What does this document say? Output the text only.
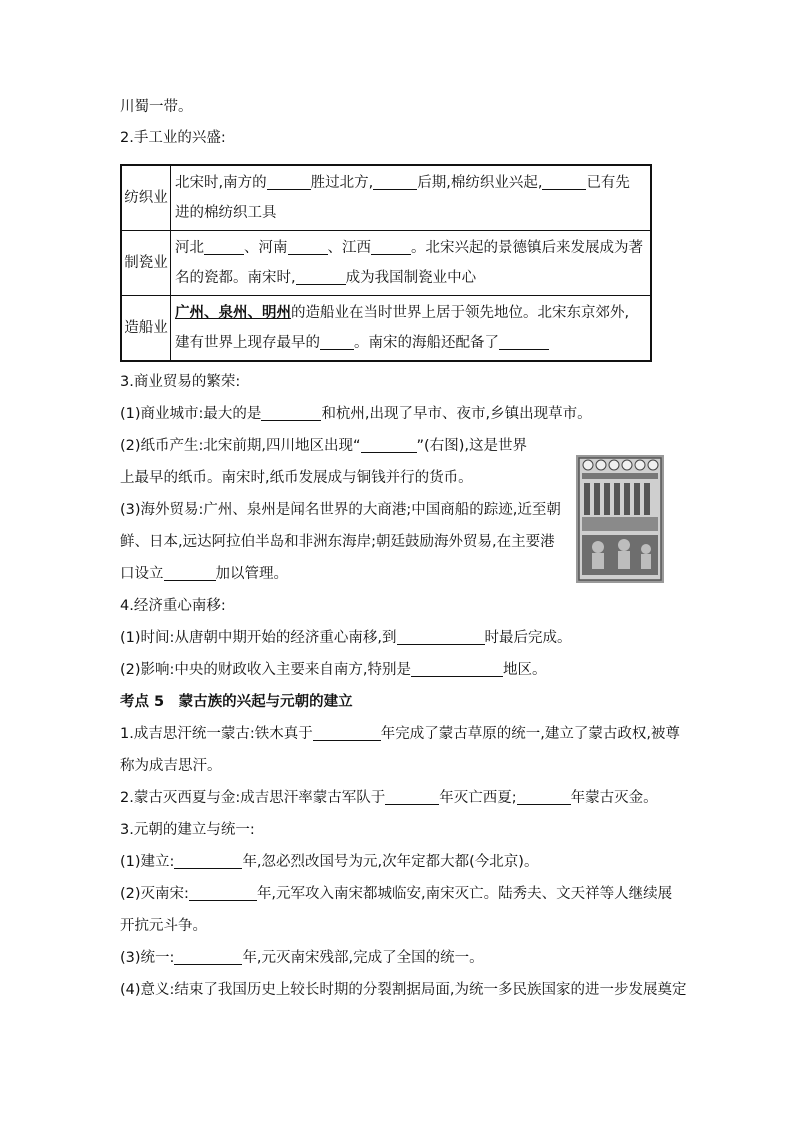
川蜀一带。
2.手工业的兴盛:
纺织业	北宋时,南方的 胜过北方, 后期,棉纺织业兴起, 已有先
进的棉纺织工具
制瓷业	河北 、河南 、江西 。北宋兴起的景德镇后来发展成为著
名的瓷都。南宋时, 成为我国制瓷业中心
造船业	广州、泉州、明州的造船业在当时世界上居于领先地位。北宋东京郊外,
建有世界上现存最早的 。南宋的海船还配备了
3.商业贸易的繁荣:
(1)商业城市:最大的是	和杭州,出现了早市、夜市,乡镇出现草市。
(2)纸币产生:北宋前期,四川地区出现“	”(右图),这是世界
上最早的纸币。南宋时,纸币发展成与铜钱并行的货币。
(3)海外贸易:广州、泉州是闻名世界的大商港;中国商船的踪迹,近至朝
鲜、日本,远达阿拉伯半岛和非洲东海岸;朝廷鼓励海外贸易,在主要港
口设立	加以管理。
4.经济重心南移:
(1)时间:从唐朝中期开始的经济重心南移,到	时最后完成。
(2)影响:中央的财政收入主要来自南方,特别是	地区。
考点 5　蒙古族的兴起与元朝的建立
1.成吉思汗统一蒙古:铁木真于	年完成了蒙古草原的统一,建立了蒙古政权,被尊
称为成吉思汗。
2.蒙古灭西夏与金:成吉思汗率蒙古军队于	年灭亡西夏;	年蒙古灭金。
3.元朝的建立与统一:
(1)建立:	年,忽必烈改国号为元,次年定都大都(今北京)。
(2)灭南宋:	年,元军攻入南宋都城临安,南宋灭亡。陆秀夫、文天祥等人继续展
开抗元斗争。
(3)统一:	年,元灭南宋残部,完成了全国的统一。
(4)意义:结束了我国历史上较长时期的分裂割据局面,为统一多民族国家的进一步发展奠定
